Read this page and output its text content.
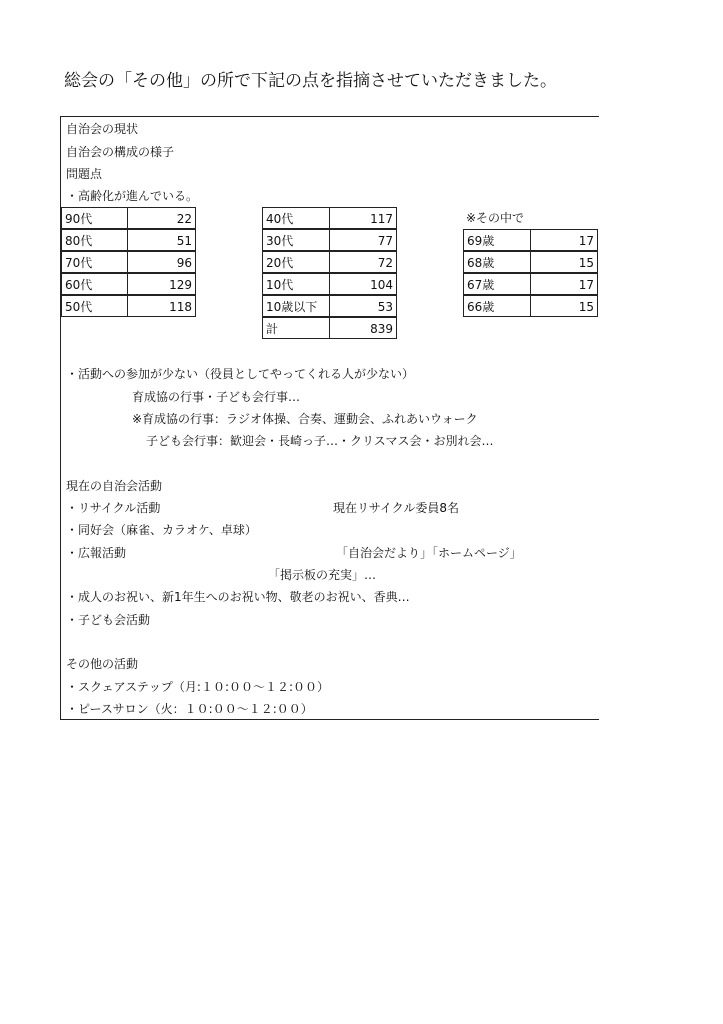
総会の「その他」の所で下記の点を指摘させていただきました。
自治会の現状
自治会の構成の様子
問題点
・高齢化が進んでいる。
90代	22
80代	51
70代	96
60代	129
50代	118
40代	117
30代	77
20代	72
10代	104
10歳以下	53
計	839
※その中で
69歳	17
68歳	15
67歳	17
66歳	15
・活動への参加が少ない（役員としてやってくれる人が少ない）
育成協の行事・子ども会行事…
※育成協の行事：ラジオ体操、合奏、運動会、ふれあいウォーク
子ども会行事：歓迎会・長崎っ子…・クリスマス会・お別れ会…
現在の自治会活動
・リサイクル活動	現在リサイクル委員8名
・同好会（麻雀、カラオケ、卓球）
・広報活動	「自治会だより」「ホームページ」
「掲示板の充実」…
・成人のお祝い、新1年生へのお祝い物、敬老のお祝い、香典…
・子ども会活動
その他の活動
・スクェアステップ（月:１０:００～１２:００）
・ピースサロン（火：１０:００～１２:００）
